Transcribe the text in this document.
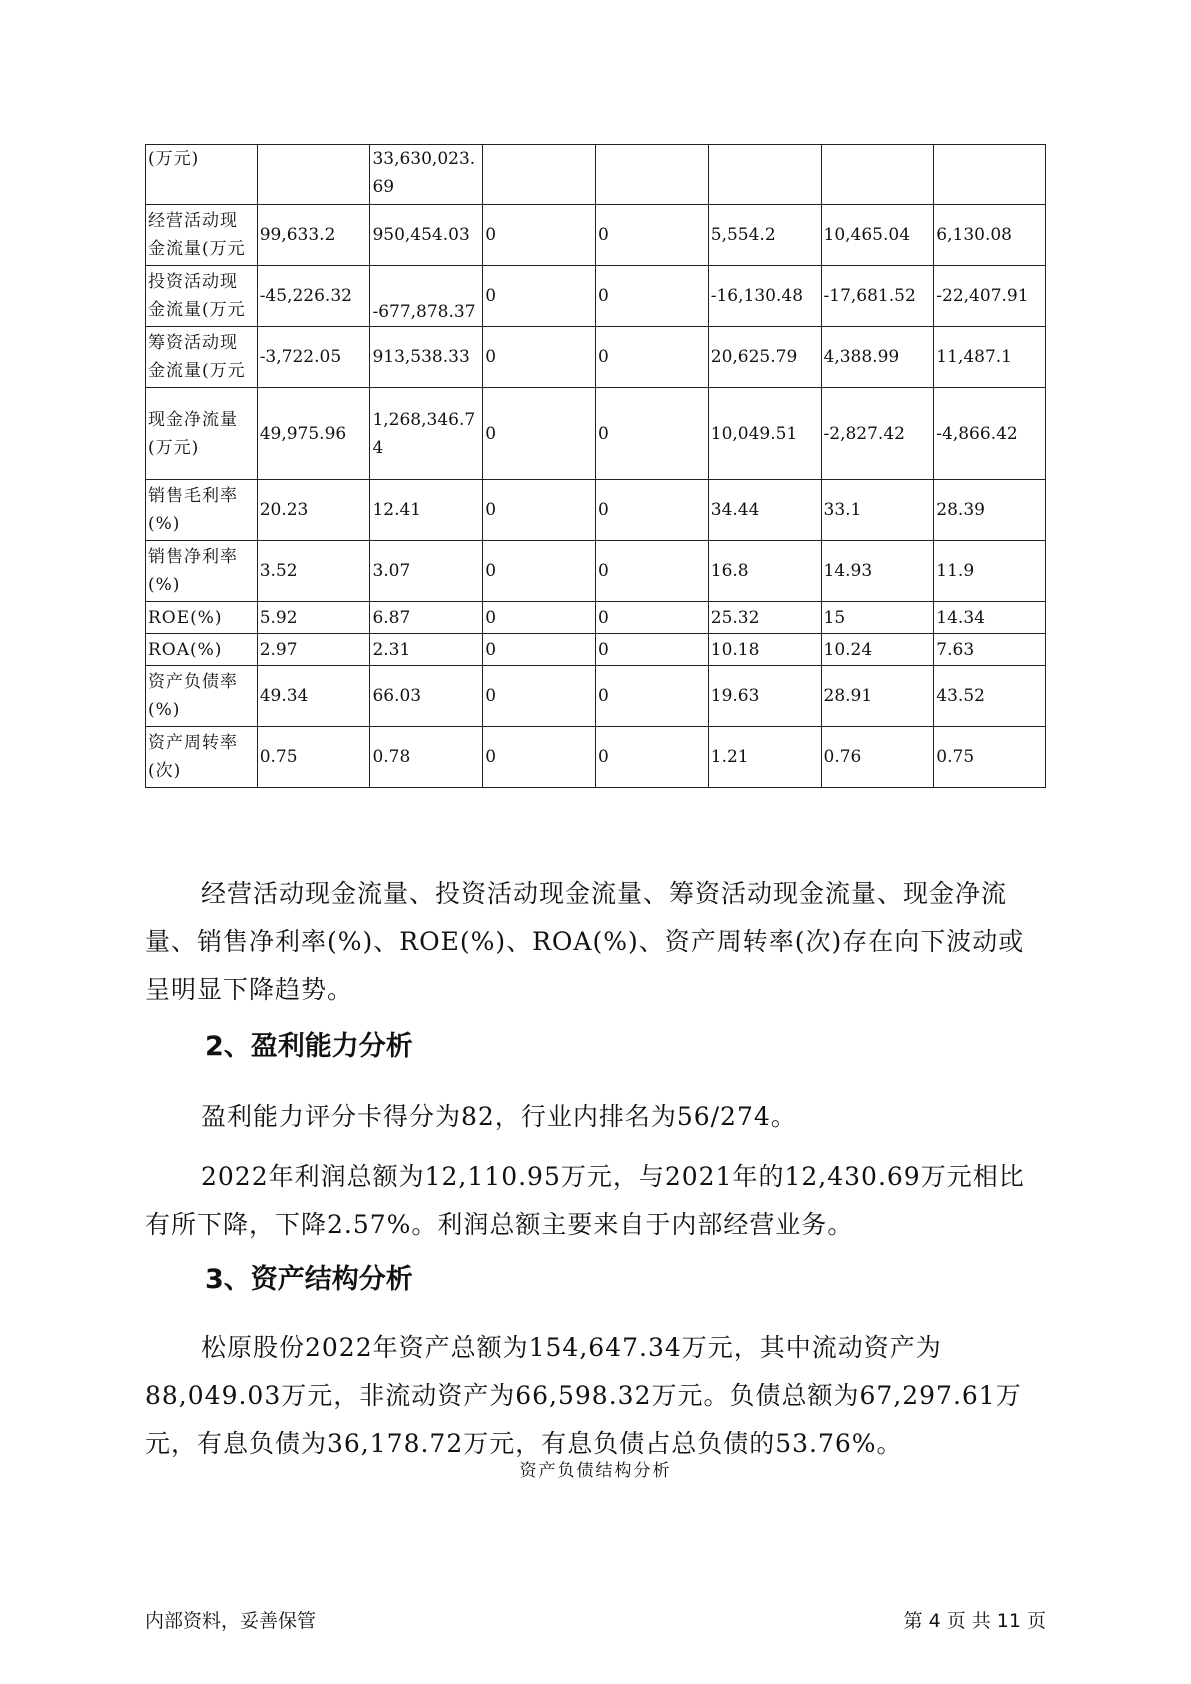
(万元)		33,630,023.69					
经营活动现金流量(万元	99,633.2	950,454.03	0	0	5,554.2	10,465.04	6,130.08
投资活动现金流量(万元	-45,226.32	-677,878.37	0	0	-16,130.48	-17,681.52	-22,407.91
筹资活动现金流量(万元	-3,722.05	913,538.33	0	0	20,625.79	4,388.99	11,487.1
现金净流量(万元)	49,975.96	1,268,346.74	0	0	10,049.51	-2,827.42	-4,866.42
销售毛利率(%)	20.23	12.41	0	0	34.44	33.1	28.39
销售净利率(%)	3.52	3.07	0	0	16.8	14.93	11.9
ROE(%)	5.92	6.87	0	0	25.32	15	14.34
ROA(%)	2.97	2.31	0	0	10.18	10.24	7.63
资产负债率(%)	49.34	66.03	0	0	19.63	28.91	43.52
资产周转率(次)	0.75	0.78	0	0	1.21	0.76	0.75

经营活动现金流量、投资活动现金流量、筹资活动现金流量、现金净流量、销售净利率(%)、ROE(%)、ROA(%)、资产周转率(次)存在向下波动或呈明显下降趋势。

2、盈利能力分析

盈利能力评分卡得分为82，行业内排名为56/274。

2022年利润总额为12,110.95万元，与2021年的12,430.69万元相比有所下降，下降2.57%。利润总额主要来自于内部经营业务。

3、资产结构分析

松原股份2022年资产总额为154,647.34万元，其中流动资产为88,049.03万元，非流动资产为66,598.32万元。负债总额为67,297.61万元，有息负债为36,178.72万元，有息负债占总负债的53.76%。

资产负债结构分析
内部资料，妥善保管	第 4 页 共 11 页
